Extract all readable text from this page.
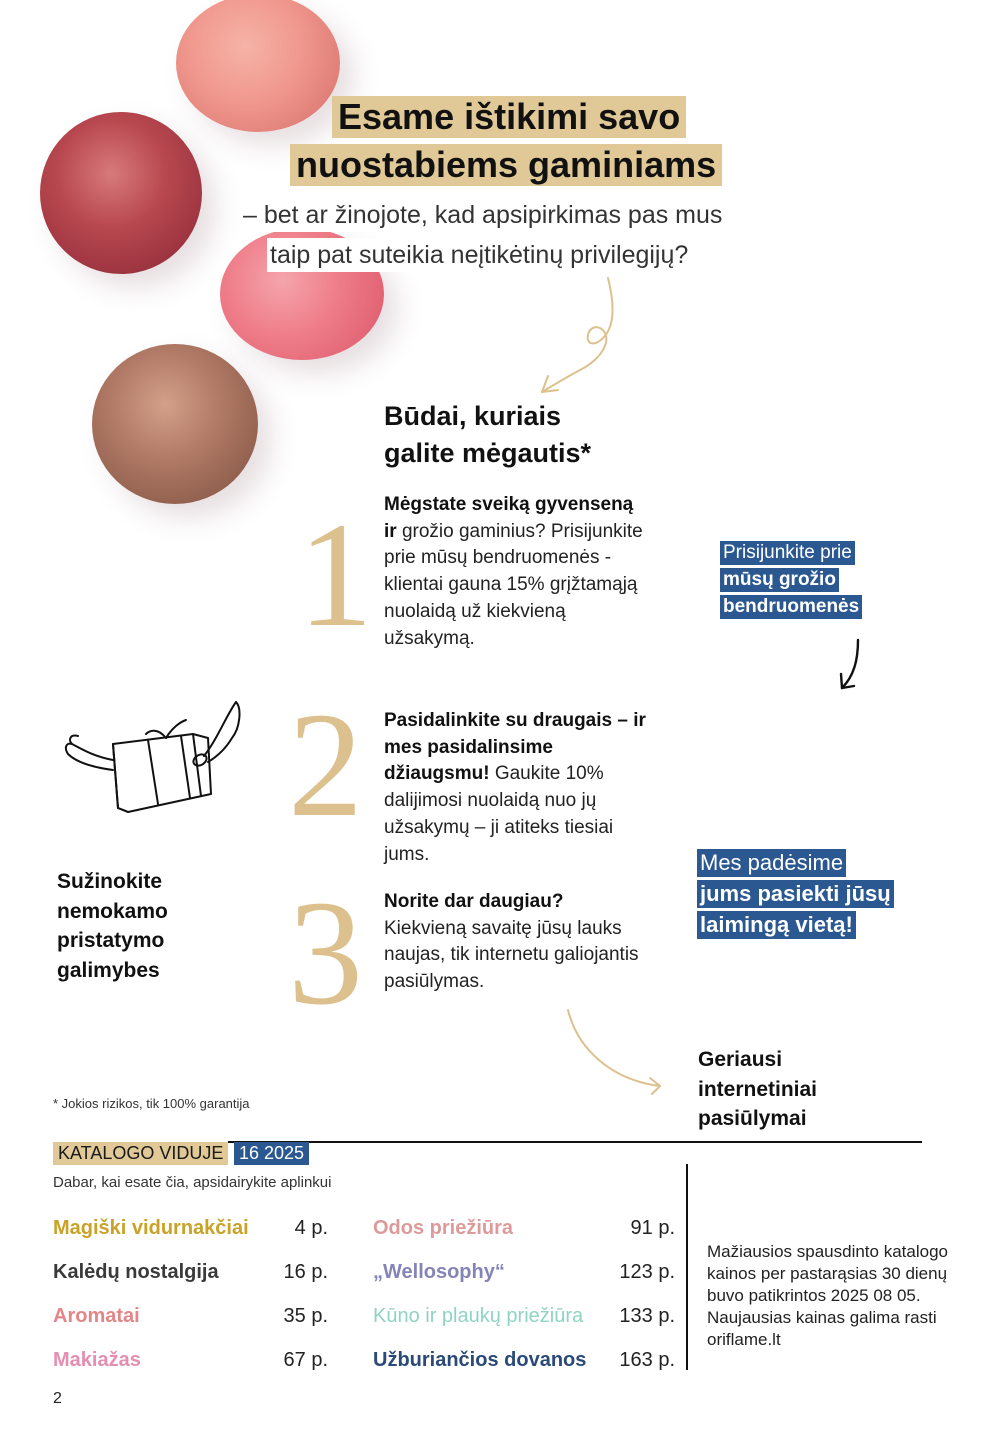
Esame ištikimi savo
nuostabiems gaminiams
– bet ar žinojote, kad apsipirkimas pas mus
taip pat suteikia neįtikėtinų privilegijų?
Būdai, kuriais
galite mėgautis*
1
2
3
Mėgstate sveiką gyvenseną ir grožio gaminius? Prisijunkite prie mūsų bendruomenės - klientai gauna 15% grįžtamąją nuolaidą už kiekvieną užsakymą.
Pasidalinkite su draugais – ir mes pasidalinsime džiaugsmu! Gaukite 10% dalijimosi nuolaidą nuo jų užsakymų – ji atiteks tiesiai jums.
Norite dar daugiau? Kiekvieną savaitę jūsų lauks naujas, tik internetu galiojantis pasiūlymas.
Prisijunkite prie
mūsų grožio
bendruomenės
Mes padėsime
jums pasiekti jūsų
laimingą vietą!
Sužinokite
nemokamo
pristatymo
galimybes
Geriausi
internetiniai
pasiūlymai
* Jokios rizikos, tik 100% garantija
KATALOGO VIDUJE 16 2025
Dabar, kai esate čia, apsidairykite aplinkui
Magiški vidurnakčiai 4 p.
Kalėdų nostalgija	16 p.
Aromatai	35 p.
Makiažas	67 p.
Odos priežiūra	91 p.
„Wellosophy“	123 p.
Kūno ir plaukų priežiūra 133 p.
Užburiančios dovanos 163 p.
Mažiausios spausdinto katalogo kainos per pastarąsias 30 dienų buvo patikrintos 2025 08 05. Naujausias kainas galima rasti oriflame.lt
2
